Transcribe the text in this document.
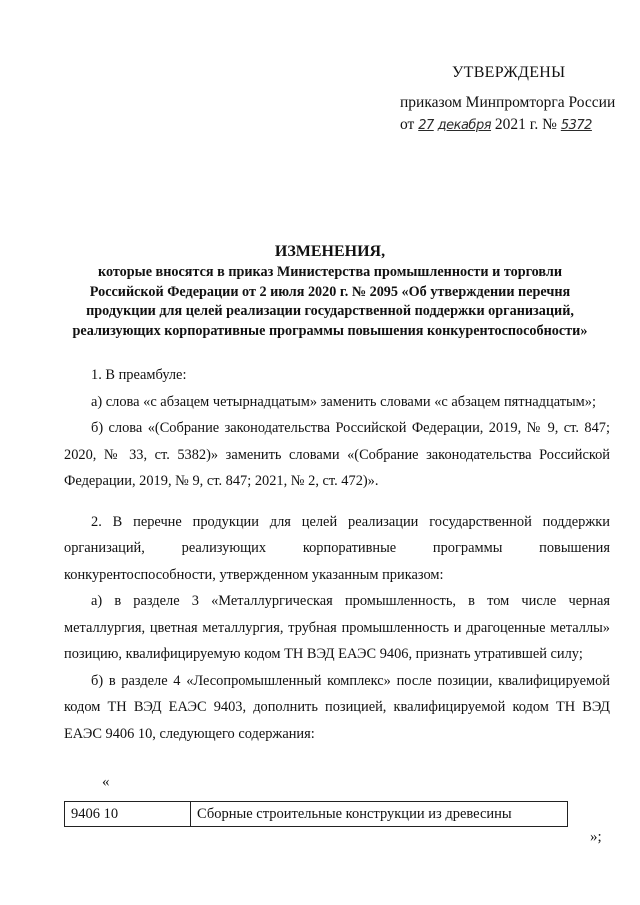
УТВЕРЖДЕНЫ
приказом Минпромторга России
от 27 декабря 2021 г. № 5372
ИЗМЕНЕНИЯ,
которые вносятся в приказ Министерства промышленности и торговли
Российской Федерации от 2 июля 2020 г. № 2095 «Об утверждении перечня
продукции для целей реализации государственной поддержки организаций,
реализующих корпоративные программы повышения конкурентоспособности»

1. В преамбуле:

а) слова «с абзацем четырнадцатым» заменить словами «с абзацем пятнадцатым»;

б) слова «(Собрание законодательства Российской Федерации, 2019, № 9, ст. 847; 2020, № 33, ст. 5382)» заменить словами «(Собрание законодательства Российской Федерации, 2019, № 9, ст. 847; 2021, № 2, ст. 472)».

2. В перечне продукции для целей реализации государственной поддержки организаций, реализующих корпоративные программы повышения конкурентоспособности, утвержденном указанным приказом:

а) в разделе 3 «Металлургическая промышленность, в том числе черная металлургия, цветная металлургия, трубная промышленность и драгоценные металлы» позицию, квалифицируемую кодом ТН ВЭД ЕАЭС 9406, признать утратившей силу;

б) в разделе 4 «Лесопромышленный комплекс» после позиции, квалифицируемой кодом ТН ВЭД ЕАЭС 9403, дополнить позицией, квалифицируемой кодом ТН ВЭД ЕАЭС 9406 10, следующего содержания:

«
9406 10	Сборные строительные конструкции из древесины
»;
